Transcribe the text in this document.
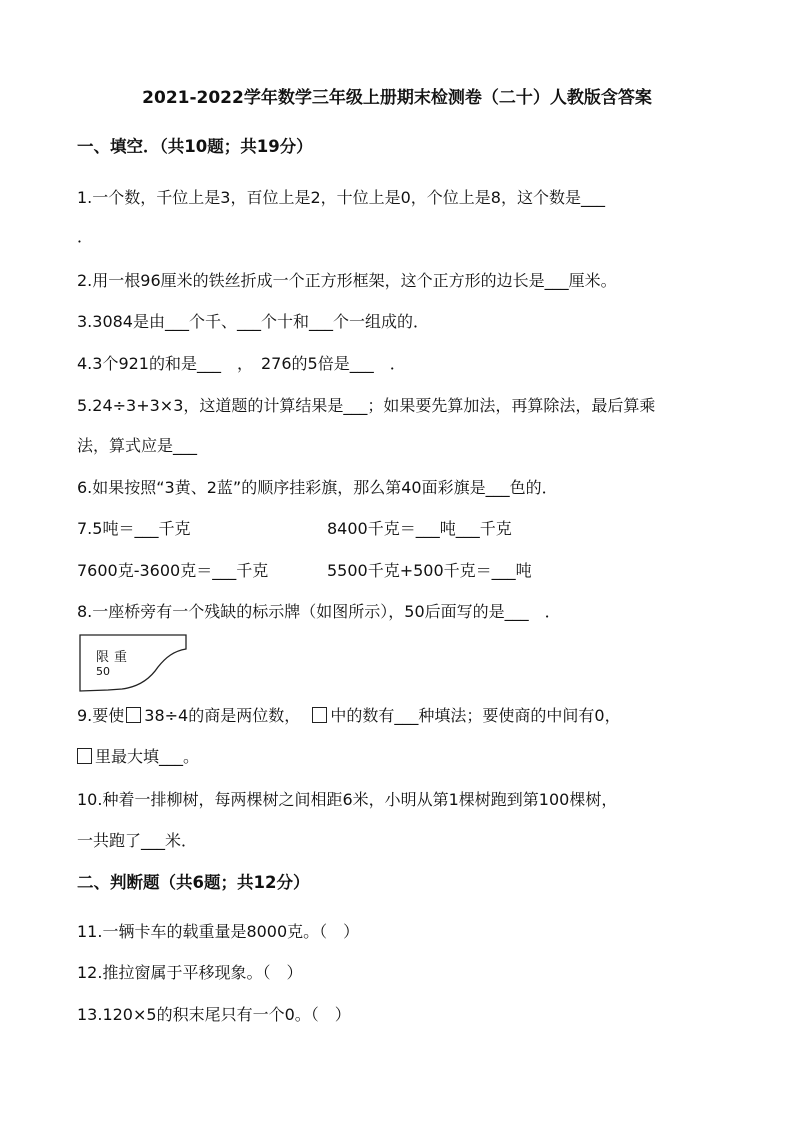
2021-2022学年数学三年级上册期末检测卷（二十）人教版含答案
一、填空．（共10题；共19分）
1.一个数，千位上是3，百位上是2，十位上是0，个位上是8，这个数是___
．
2.用一根96厘米的铁丝折成一个正方形框架，这个正方形的边长是___厘米。
3.3084是由___个千、___个十和___个一组成的．
4.3个921的和是___　，　276的5倍是___　．
5.24÷3+3×3，这道题的计算结果是___；如果要先算加法，再算除法，最后算乘
法，算式应是___
6.如果按照“3黄、2蓝”的顺序挂彩旗，那么第40面彩旗是___色的．
7.5吨＝___千克	8400千克＝___吨___千克
7600克-3600克＝___千克	5500千克+500千克＝___吨
8.一座桥旁有一个残缺的标示牌（如图所示），50后面写的是___　．
限重
50
9.要使 38÷4的商是两位数， 中的数有___种填法；要使商的中间有0，
里最大填___。
10.种着一排柳树，每两棵树之间相距6米，小明从第1棵树跑到第100棵树，
一共跑了___米．
二、判断题（共6题；共12分）
11.一辆卡车的载重量是8000克。（　）
12.推拉窗属于平移现象。（　）
13.120×5的积末尾只有一个0。（　）
